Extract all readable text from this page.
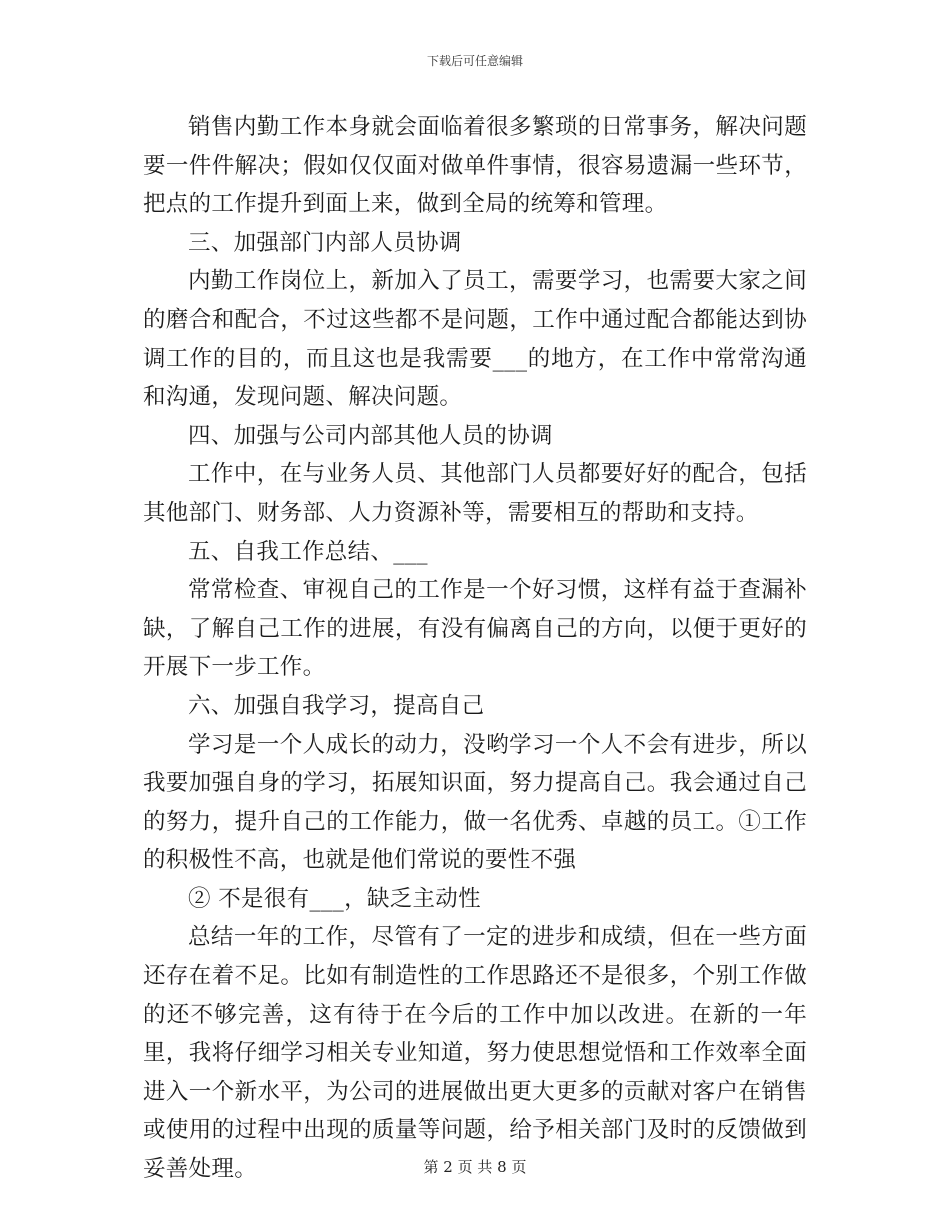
下载后可任意编辑

销售内勤工作本身就会面临着很多繁琐的日常事务，解决问题要一件件解决；假如仅仅面对做单件事情，很容易遗漏一些环节，把点的工作提升到面上来，做到全局的统筹和管理。

三、加强部门内部人员协调

内勤工作岗位上，新加入了员工，需要学习，也需要大家之间的磨合和配合，不过这些都不是问题，工作中通过配合都能达到协调工作的目的，而且这也是我需要___的地方，在工作中常常沟通和沟通，发现问题、解决问题。

四、加强与公司内部其他人员的协调

工作中，在与业务人员、其他部门人员都要好好的配合，包括其他部门、财务部、人力资源补等，需要相互的帮助和支持。

五、自我工作总结、___

常常检查、审视自己的工作是一个好习惯，这样有益于查漏补缺，了解自己工作的进展，有没有偏离自己的方向，以便于更好的开展下一步工作。

六、加强自我学习，提高自己

学习是一个人成长的动力，没哟学习一个人不会有进步，所以我要加强自身的学习，拓展知识面，努力提高自己。我会通过自己的努力，提升自己的工作能力，做一名优秀、卓越的员工。①工作的积极性不高，也就是他们常说的要性不强

② 不是很有___，缺乏主动性

总结一年的工作，尽管有了一定的进步和成绩，但在一些方面还存在着不足。比如有制造性的工作思路还不是很多，个别工作做的还不够完善，这有待于在今后的工作中加以改进。在新的一年里，我将仔细学习相关专业知道，努力使思想觉悟和工作效率全面进入一个新水平，为公司的进展做出更大更多的贡献对客户在销售或使用的过程中出现的质量等问题，给予相关部门及时的反馈做到妥善处理。	第 2 页 共 8 页
